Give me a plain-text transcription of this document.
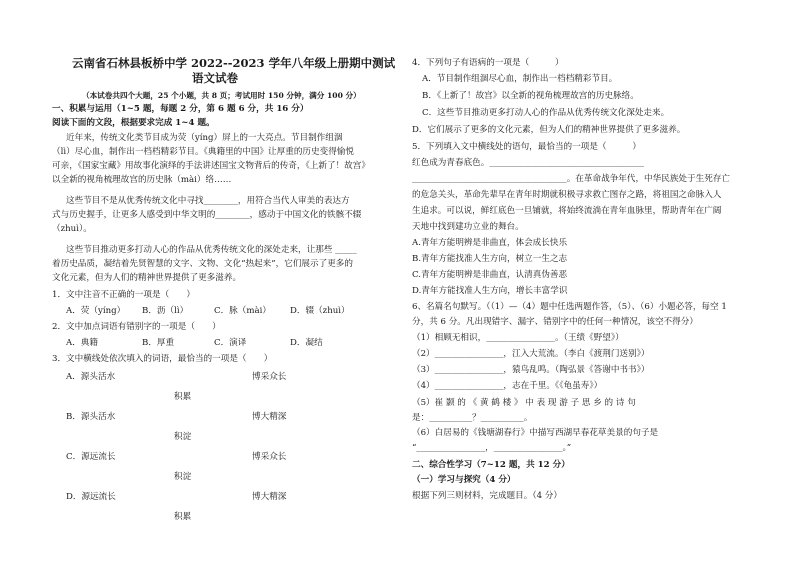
云南省石林县板桥中学 2022--2023 学年八年级上册期中测试
语文试卷
（本试卷共四个大题，25 个小题，共 8 页；考试用时 150 分钟，满分 100 分）
一、积累与运用（1~5 题，每题 2 分，第 6 题 6 分，共 16 分）
阅读下面的文段，根据要求完成 1~4 题。
近年来，传统文化类节目成为荧（yíng）屏上的一大亮点。节目制作组涸
（lì）尽心血，制作出一档档精彩节目。《典籍里的中国》让厚重的历史变得愉悦
可亲，《国家宝藏》用故事化演绎的手法讲述国宝文物背后的传奇，《上新了！故宫》
以全新的视角梳理故宫的历史脉（mài）络……
这些节目不是从优秀传统文化中寻找________，用符合当代人审美的表达方
式与历史握手，让更多人感受到中华文明的________，感动于中国文化的铁骸不辍
（zhuì）。
这些节目推动更多打动人心的作品从优秀传统文化的深处走来，让那些 _____
着历史品质，凝结着先贤智慧的文字、文物、文化“热起来”，它们展示了更多的
文化元素，但为人们的精神世界提供了更多滋养。
1．文中注音不正确的一项是（　　）
A．荧（yíng） B．沥（lì）	C．脉（mài） D．辍（zhuì）
2．文中加点词语有错别字的一项是（　　）
A．典籍	B．厚重	C．演译	D．凝结
3．文中横线处依次填入的词语，最恰当的一项是（　　）
A．源头活水	博采众长
积累
B．源头活水	博大精深
积淀
C．源远流长	博采众长
积淀
D．源远流长	博大精深
积累
4．下列句子有语病的一项是（　　　）
A．节目制作组涸尽心血，制作出一档档精彩节目。
B．《上新了！故宫》以全新的视角梳理故宫的历史脉络。
C．这些节目推动更多打动人心的作品从优秀传统文化深处走来。
D．它们展示了更多的文化元素，但为人们的精神世界提供了更多滋养。
5．下列填入文中横线处的语句，最恰当的一项是（　　　）
红色成为青春底色。____________________________________
____________________________________。在革命战争年代，中华民族处于生死存亡
的危急关头，革命先辈早在青年时期就积极寻求救亡图存之路，将祖国之命脉入人
生追求。可以说，鲜红底色一旦铺就，将始终流淌在青年血脉里，帮助青年在广阔
天地中找到建功立业的舞台。
A.青年方能明辨是非曲直，体会成长快乐
B.青年方能找准人生方向，树立一生之志
C.青年方能明辨是非曲直，认清真伪善恶
D.青年方能找准人生方向，增长丰富学识
6、名篇名句默写。（（1）—（4）题中任选两题作答，（5）、（6）小题必答，每空 1
分，共 6 分。凡出现错字、漏字、错别字中的任何一种情况，该空不得分）
（1）相顾无相识，________________。（王绩《野望》）
（2）________________，江入大荒流。（李白《渡荆门送别》）
（3）________________，猿鸟乱鸣。（陶弘景《答谢中书书》）
（4）________________，志在千里。《《龟虽寿》）
（5）崔 颢 的 《 黄 鹤 楼 》 中 表 现 游 子 思 乡 的 诗 句
是：__________？__________。
（6）白居易的《钱塘湖春行》中描写西湖早春花草美景的句子是
“________________，________________。”
二、综合性学习（7~12 题，共 12 分）
（一）学习与探究（4 分）
根据下列三则材料，完成题目。（4 分）
